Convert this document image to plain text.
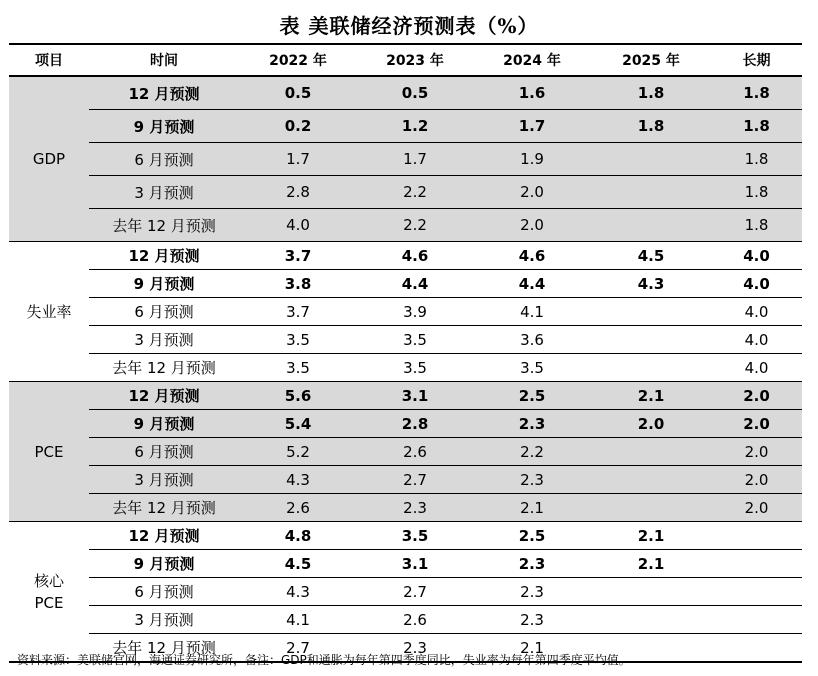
表 美联储经济预测表（%）
项目	时间	2022 年	2023 年	2024 年	2025 年	长期

GDP	12 月预测	0.5	0.5	1.6	1.8	1.8
	9 月预测	0.2	1.2	1.7	1.8	1.8
	6 月预测	1.7	1.7	1.9		1.8
	3 月预测	2.8	2.2	2.0		1.8
	去年 12 月预测	4.0	2.2	2.0		1.8

失业率	12 月预测	3.7	4.6	4.6	4.5	4.0
	9 月预测	3.8	4.4	4.4	4.3	4.0
	6 月预测	3.7	3.9	4.1		4.0
	3 月预测	3.5	3.5	3.6		4.0
	去年 12 月预测	3.5	3.5	3.5		4.0

PCE	12 月预测	5.6	3.1	2.5	2.1	2.0
	9 月预测	5.4	2.8	2.3	2.0	2.0
	6 月预测	5.2	2.6	2.2		2.0
	3 月预测	4.3	2.7	2.3		2.0
	去年 12 月预测	2.6	2.3	2.1		2.0

核心
PCE	12 月预测	4.8	3.5	2.5	2.1	
	9 月预测	4.5	3.1	2.3	2.1	
	6 月预测	4.3	2.7	2.3		
	3 月预测	4.1	2.6	2.3		
	去年 12 月预测	2.7	2.3	2.1		
资料来源：美联储官网，海通证券研究所，备注：GDP和通胀为每年第四季度同比，失业率为每年第四季度平均值。
